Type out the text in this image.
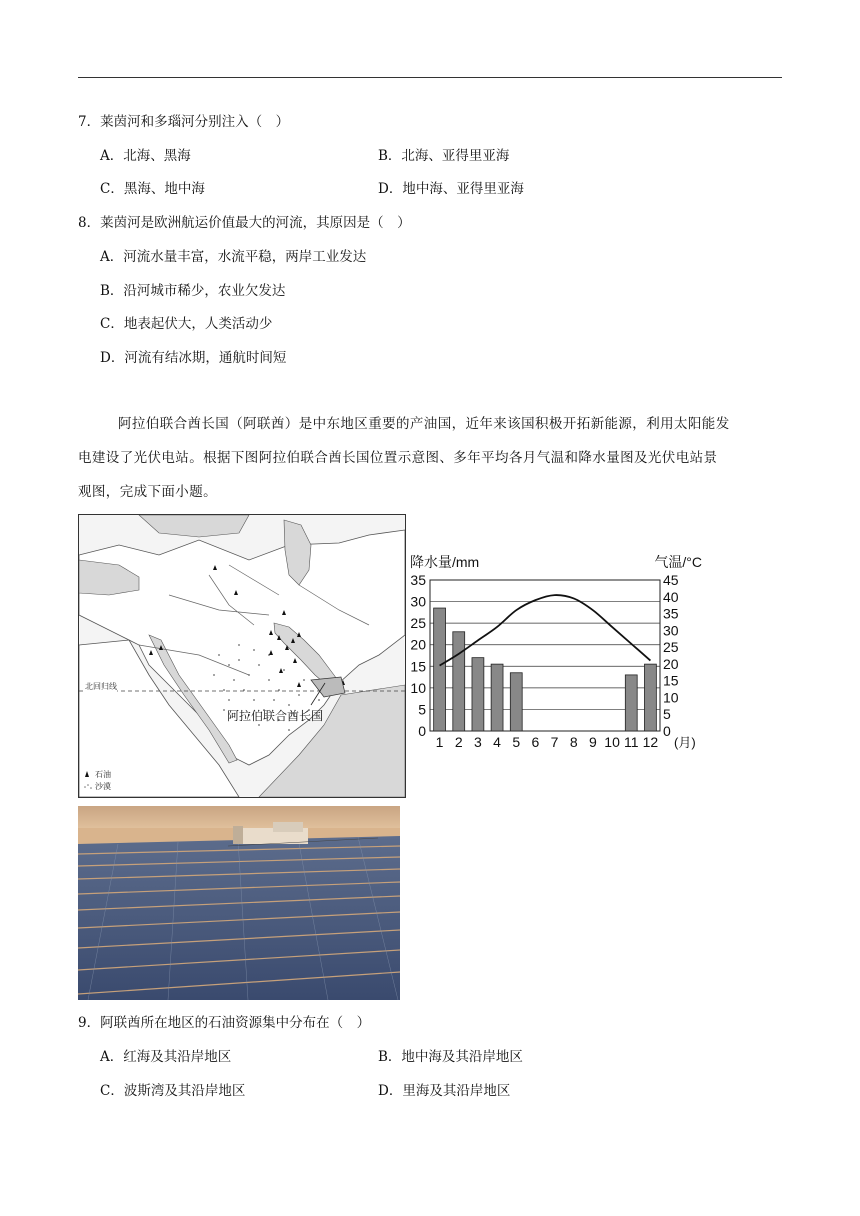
7．莱茵河和多瑙河分别注入（　）
A．北海、黑海	B．北海、亚得里亚海
C．黑海、地中海	D．地中海、亚得里亚海
8．莱茵河是欧洲航运价值最大的河流，其原因是（　）
A．河流水量丰富，水流平稳，两岸工业发达
B．沿河城市稀少，农业欠发达
C．地表起伏大，人类活动少
D．河流有结冰期，通航时间短

阿拉伯联合酋长国（阿联酋）是中东地区重要的产油国，近年来该国积极开拓新能源，利用太阳能发

电建设了光伏电站。根据下图阿拉伯联合酋长国位置示意图、多年平均各月气温和降水量图及光伏电站景
观图，完成下面小题。
北回归线
阿拉伯联合酋长国
石油
沙漠
35
30
25
20
15
10
5
0
45
40
35
30
25
20
15
10
5
0
降水量/mm	气温/°C
1 2 3 4 5 6 7 8 9 10 11 12 (月)
9．阿联酋所在地区的石油资源集中分布在（　）
A．红海及其沿岸地区	B．地中海及其沿岸地区
C．波斯湾及其沿岸地区	D．里海及其沿岸地区
